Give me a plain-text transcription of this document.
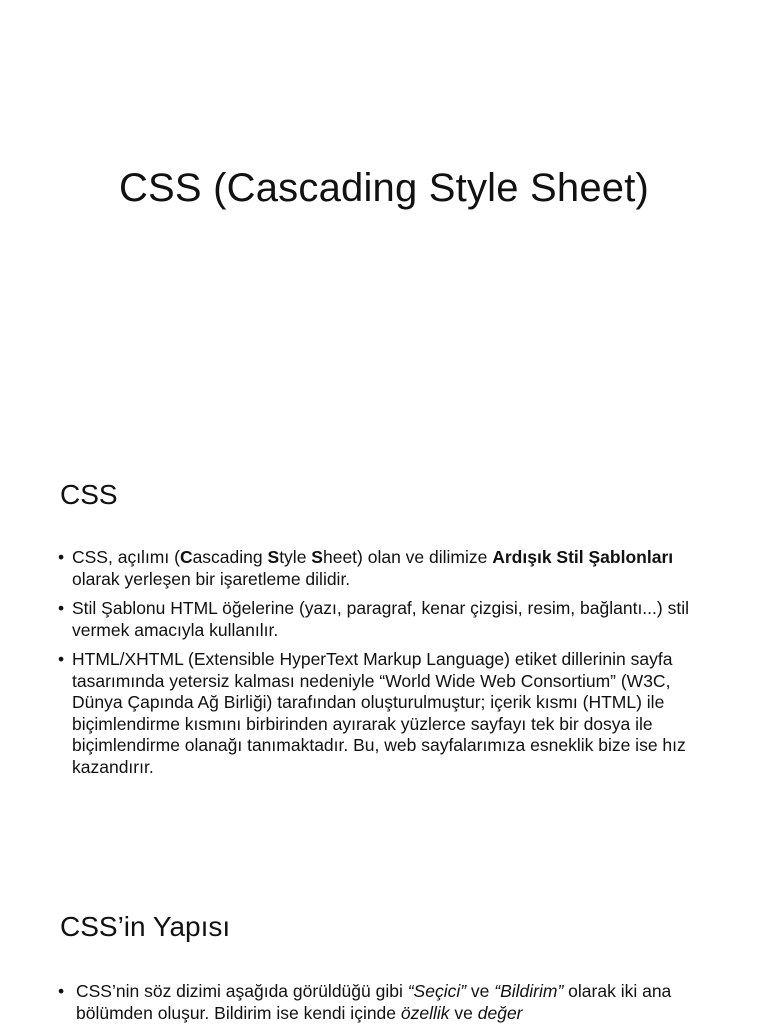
CSS (Cascading Style Sheet)
CSS
• CSS, açılımı (Cascading Style Sheet) olan ve dilimize Ardışık Stil Şablonları olarak yerleşen bir işaretleme dilidir.
• Stil Şablonu HTML öğelerine (yazı, paragraf, kenar çizgisi, resim, bağlantı...) stil vermek amacıyla kullanılır.
• HTML/XHTML (Extensible HyperText Markup Language) etiket dillerinin sayfa tasarımında yetersiz kalması nedeniyle “World Wide Web Consortium” (W3C, Dünya Çapında Ağ Birliği) tarafından oluşturulmuştur; içerik kısmı (HTML) ile biçimlendirme kısmını birbirinden ayırarak yüzlerce sayfayı tek bir dosya ile biçimlendirme olanağı tanımaktadır. Bu, web sayfalarımıza esneklik bize ise hız kazandırır.
CSS’in Yapısı
• CSS’nin söz dizimi aşağıda görüldüğü gibi “Seçici” ve “Bildirim” olarak iki ana bölümden oluşur. Bildirim ise kendi içinde özellik ve değer
